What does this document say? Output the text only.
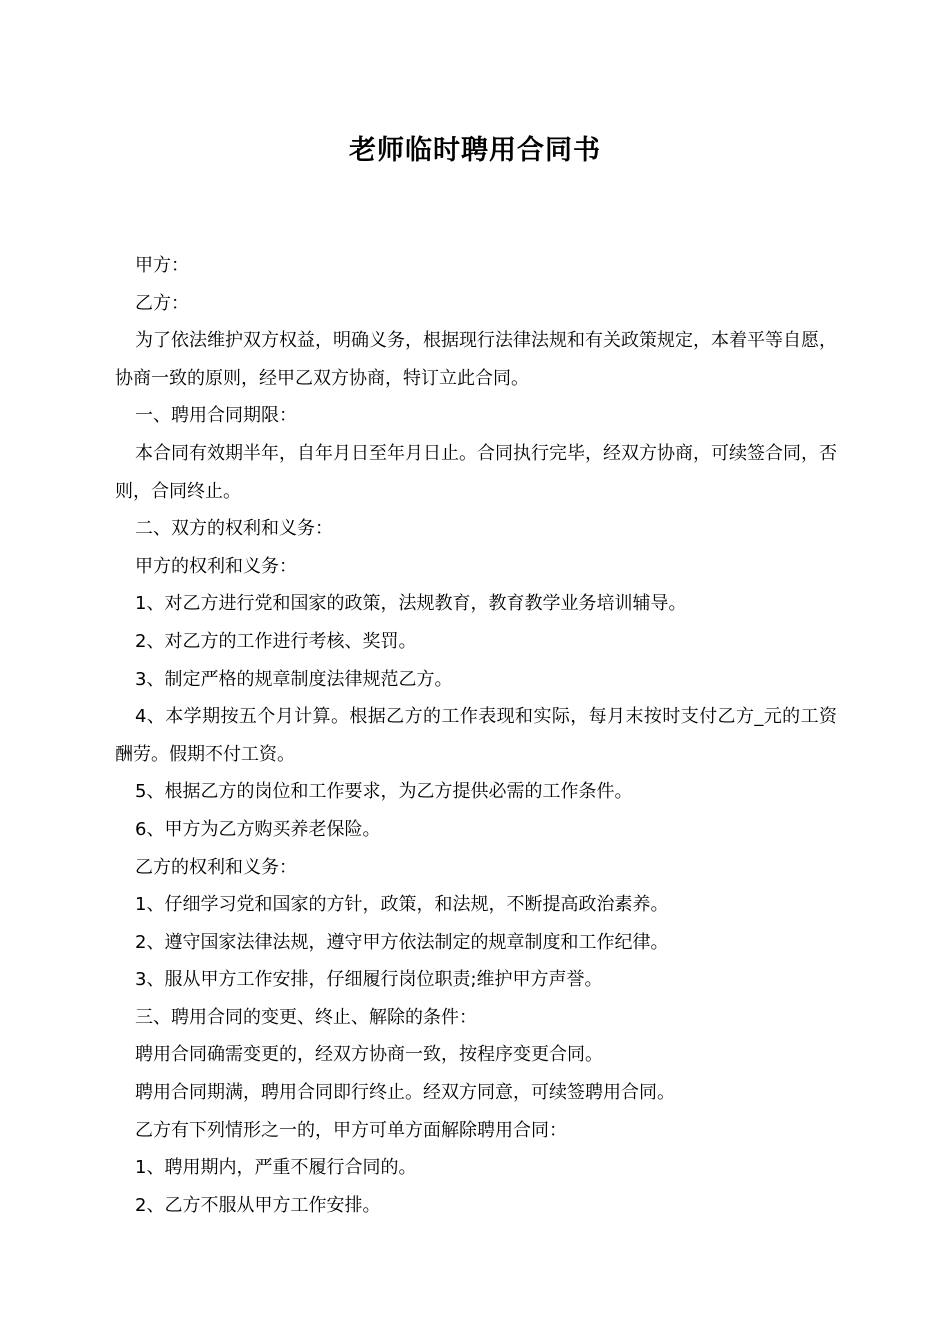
老师临时聘用合同书

甲方：

乙方：

为了依法维护双方权益，明确义务，根据现行法律法规和有关政策规定，本着平等自愿，协商一致的原则，经甲乙双方协商，特订立此合同。

一、聘用合同期限：

本合同有效期半年，自年月日至年月日止。合同执行完毕，经双方协商，可续签合同，否则，合同终止。

二、双方的权利和义务：

甲方的权利和义务：

1、对乙方进行党和国家的政策，法规教育，教育教学业务培训辅导。

2、对乙方的工作进行考核、奖罚。

3、制定严格的规章制度法律规范乙方。

4、本学期按五个月计算。根据乙方的工作表现和实际，每月末按时支付乙方_元的工资酬劳。假期不付工资。

5、根据乙方的岗位和工作要求，为乙方提供必需的工作条件。

6、甲方为乙方购买养老保险。

乙方的权利和义务：

1、仔细学习党和国家的方针，政策，和法规，不断提高政治素养。

2、遵守国家法律法规，遵守甲方依法制定的规章制度和工作纪律。

3、服从甲方工作安排，仔细履行岗位职责;维护甲方声誉。

三、聘用合同的变更、终止、解除的条件：

聘用合同确需变更的，经双方协商一致，按程序变更合同。

聘用合同期满，聘用合同即行终止。经双方同意，可续签聘用合同。

乙方有下列情形之一的，甲方可单方面解除聘用合同：

1、聘用期内，严重不履行合同的。

2、乙方不服从甲方工作安排。
